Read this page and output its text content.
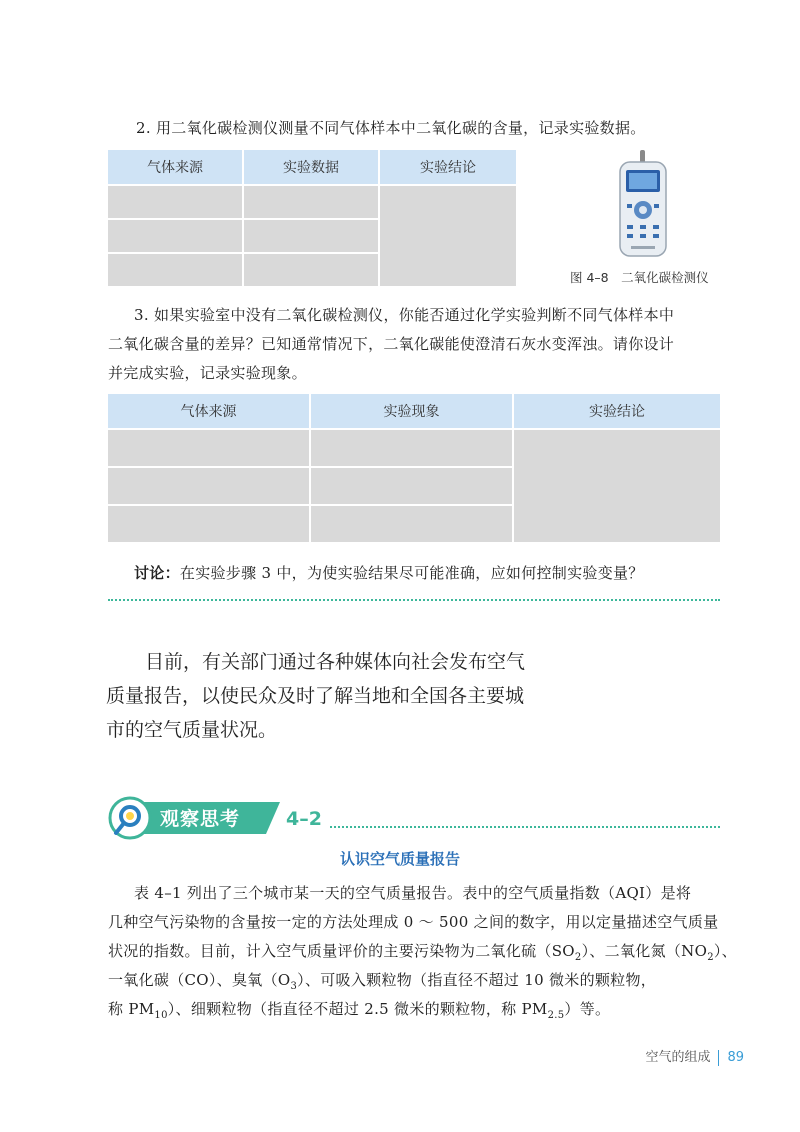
2. 用二氧化碳检测仪测量不同气体样本中二氧化碳的含量，记录实验数据。
气体来源	实验数据	实验结论

图 4–8　二氧化碳检测仪
3. 如果实验室中没有二氧化碳检测仪，你能否通过化学实验判断不同气体样本中
二氧化碳含量的差异？已知通常情况下，二氧化碳能使澄清石灰水变浑浊。请你设计
并完成实验，记录实验现象。
气体来源	实验现象	实验结论

讨论：在实验步骤 3 中，为使实验结果尽可能准确，应如何控制实验变量？
目前，有关部门通过各种媒体向社会发布空气
质量报告，以使民众及时了解当地和全国各主要城
市的空气质量状况。
观察思考 4–2
认识空气质量报告
表 4–1 列出了三个城市某一天的空气质量报告。表中的空气质量指数（AQI）是将
几种空气污染物的含量按一定的方法处理成 0 ～ 500 之间的数字，用以定量描述空气质量
状况的指数。目前，计入空气质量评价的主要污染物为二氧化硫$(SO_2)$、二氧化氮$(NO_2)$、
一氧化碳（CO）、臭氧$(O_3)$、可吸入颗粒物（指直径不超过 10 微米的颗粒物，
称 $PM_{10}$）、细颗粒物（指直径不超过 2.5 微米的颗粒物，称 $PM_{2.5}$）等。
空气的组成 89
